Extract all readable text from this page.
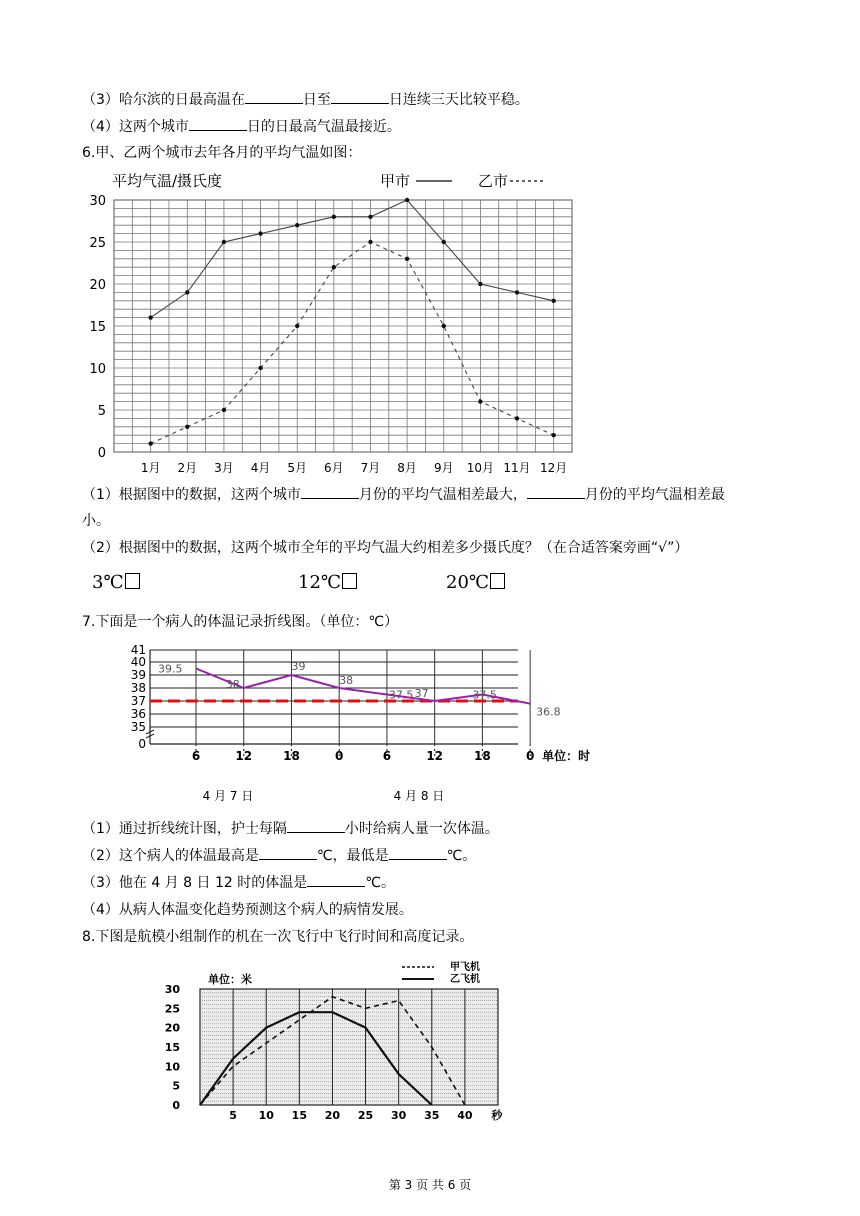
（3）哈尔滨的日最高温在	日至	日连续三天比较平稳。
（4）这两个城市	日的日最高气温最接近。
6.甲、乙两个城市去年各月的平均气温如图：
平均气温/摄氏度	甲市	乙市
0
5
10
15
20
25
30
1月 2月 3月 4月 5月 6月 7月 8月 9月 10月 11月 12月
（1）根据图中的数据，这两个城市	月份的平均气温相差最大，	月份的平均气温相差最
小。
（2）根据图中的数据，这两个城市全年的平均气温大约相差多少摄氏度？（在合适答案旁画“√”）
3℃	12℃	20℃
7.下面是一个病人的体温记录折线图。（单位：℃）
0
35
36
37
38
39
40
41
6	12	18	0	6	12	18	0 单位：时
4 月 7 日	4 月 8 日
39.5
38
39
38
37.5 37	37.5
36.8
（1）通过折线统计图，护士每隔	小时给病人量一次体温。
（2）这个病人的体温最高是	℃，最低是	℃。
（3）他在 4 月 8 日 12 时的体温是	℃。
（4）从病人体温变化趋势预测这个病人的病情发展。
8.下图是航模小组制作的机在一次飞行中飞行时间和高度记录。
单位：米
甲飞机
乙飞机
0
5
10
15
20
25
30
5 10 15 20 25 30 35 40 秒
第 3 页 共 6 页
